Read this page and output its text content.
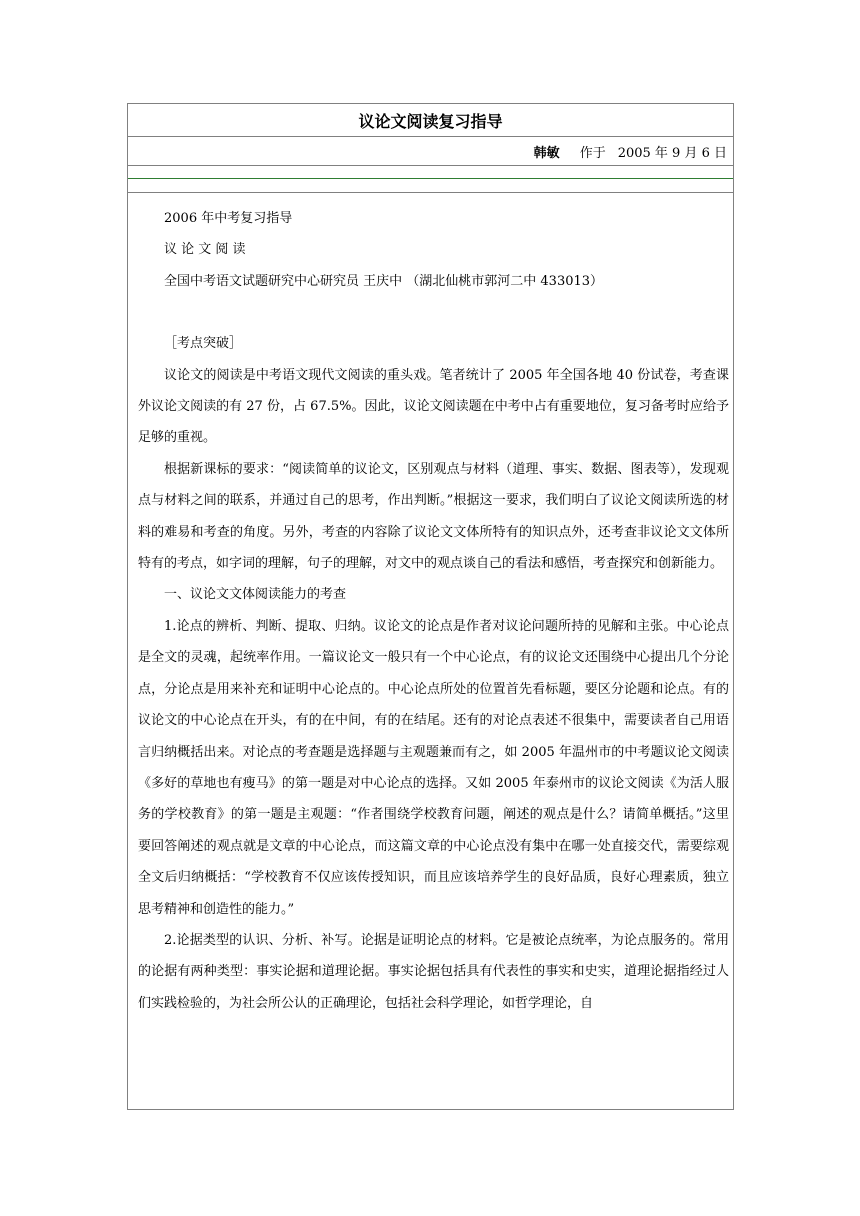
议论文阅读复习指导
韩敏 作于 2005 年 9 月 6 日

2006 年中考复习指导

议 论 文 阅 读

全国中考语文试题研究中心研究员 王庆中 （湖北仙桃市郭河二中 433013）

［考点突破］

议论文的阅读是中考语文现代文阅读的重头戏。笔者统计了 2005 年全国各地 40 份试卷，考查课外议论文阅读的有 27 份，占 67.5%。因此，议论文阅读题在中考中占有重要地位，复习备考时应给予足够的重视。

根据新课标的要求：“阅读简单的议论文，区别观点与材料（道理、事实、数据、图表等），发现观点与材料之间的联系，并通过自己的思考，作出判断。”根据这一要求，我们明白了议论文阅读所选的材料的难易和考查的角度。另外，考查的内容除了议论文文体所特有的知识点外，还考查非议论文文体所特有的考点，如字词的理解，句子的理解，对文中的观点谈自己的看法和感悟，考查探究和创新能力。

一、议论文文体阅读能力的考查

1.论点的辨析、判断、提取、归纳。议论文的论点是作者对议论问题所持的见解和主张。中心论点是全文的灵魂，起统率作用。一篇议论文一般只有一个中心论点，有的议论文还围绕中心提出几个分论点，分论点是用来补充和证明中心论点的。中心论点所处的位置首先看标题，要区分论题和论点。有的议论文的中心论点在开头，有的在中间，有的在结尾。还有的对论点表述不很集中，需要读者自己用语言归纳概括出来。对论点的考查题是选择题与主观题兼而有之，如 2005 年温州市的中考题议论文阅读《多好的草地也有瘦马》的第一题是对中心论点的选择。又如 2005 年泰州市的议论文阅读《为活人服务的学校教育》的第一题是主观题：“作者围绕学校教育问题，阐述的观点是什么？请简单概括。”这里要回答阐述的观点就是文章的中心论点，而这篇文章的中心论点没有集中在哪一处直接交代，需要综观全文后归纳概括：“学校教育不仅应该传授知识，而且应该培养学生的良好品质，良好心理素质，独立思考精神和创造性的能力。”

2.论据类型的认识、分析、补写。论据是证明论点的材料。它是被论点统率，为论点服务的。常用的论据有两种类型：事实论据和道理论据。事实论据包括具有代表性的事实和史实，道理论据指经过人们实践检验的，为社会所公认的正确理论，包括社会科学理论，如哲学理论，自
